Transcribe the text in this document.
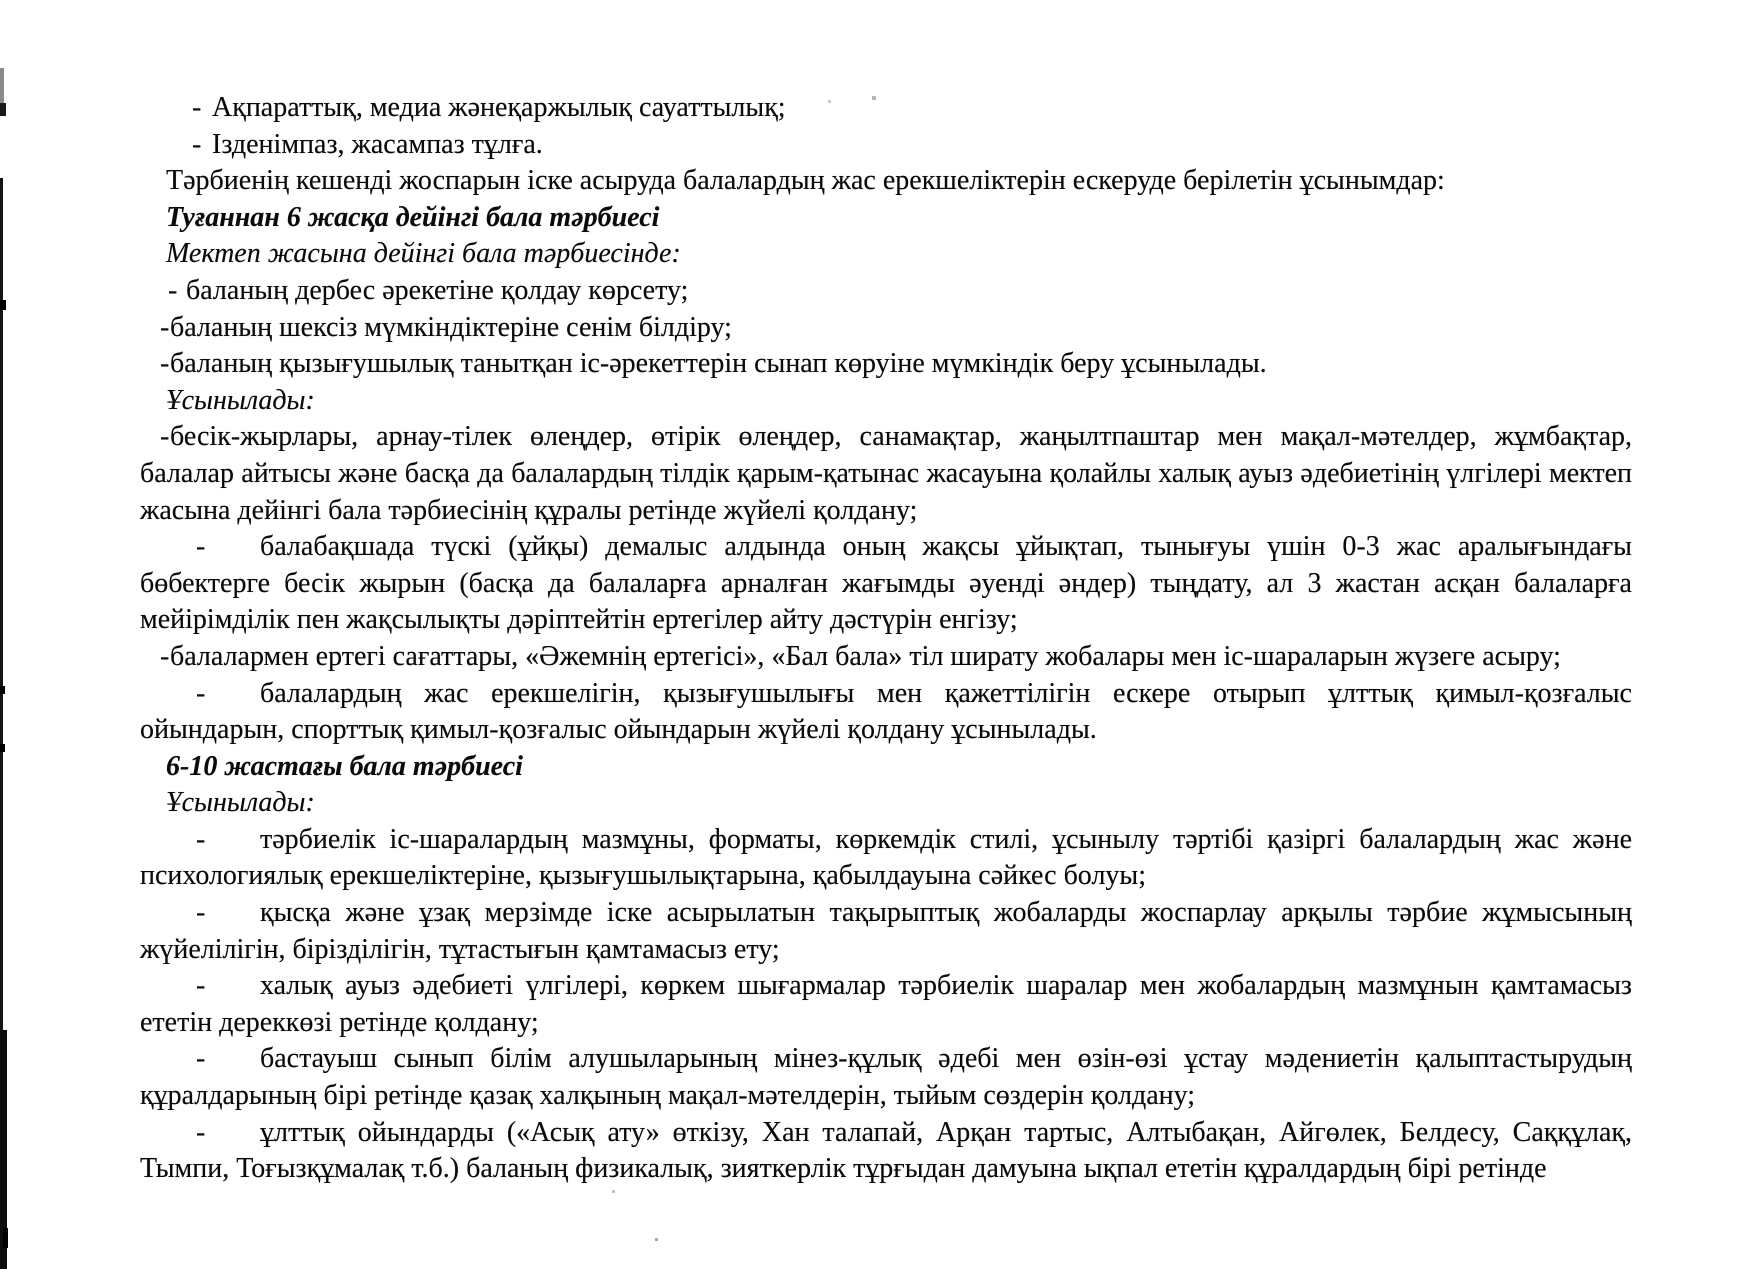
- Ақпараттық, медиа жәнеқаржылық сауаттылық;

- Ізденімпаз, жасампаз тұлға.

Тәрбиенің кешенді жоспарын іске асыруда балалардың жас ерекшеліктерін ескеруде берілетін ұсынымдар:

Туғаннан 6 жасқа дейінгі бала тәрбиесі

Мектеп жасына дейінгі бала тәрбиесінде:

- баланың дербес әрекетіне қолдау көрсету;

-баланың шексіз мүмкіндіктеріне сенім білдіру;

-баланың қызығушылық танытқан іс-әрекеттерін сынап көруіне мүмкіндік беру ұсынылады.

Ұсынылады:

-бесік-жырлары, арнау-тілек өлеңдер, өтірік өлеңдер, санамақтар, жаңылтпаштар мен мақал-мәтелдер, жұмбақтар, балалар айтысы және басқа да балалардың тілдік қарым-қатынас жасауына қолайлы халық ауыз әдебиетінің үлгілері мектеп жасына дейінгі бала тәрбиесінің құралы ретінде жүйелі қолдану;

- балабақшада түскі (ұйқы) демалыс алдында оның жақсы ұйықтап, тынығуы үшін 0-3 жас аралығындағы бөбектерге бесік жырын (басқа да балаларға арналған жағымды әуенді әндер) тыңдату, ал 3 жастан асқан балаларға мейірімділік пен жақсылықты дәріптейтін ертегілер айту дәстүрін енгізу;

-балалармен ертегі сағаттары, «Әжемнің ертегісі», «Бал бала» тіл ширату жобалары мен іс-шараларын жүзеге асыру;

- балалардың жас ерекшелігін, қызығушылығы мен қажеттілігін ескере отырып ұлттық қимыл-қозғалыс ойындарын, спорттық қимыл-қозғалыс ойындарын жүйелі қолдану ұсынылады.

6-10 жастағы бала тәрбиесі

Ұсынылады:

- тәрбиелік іс-шаралардың мазмұны, форматы, көркемдік стилі, ұсынылу тәртібі қазіргі балалардың жас және психологиялық ерекшеліктеріне, қызығушылықтарына, қабылдауына сәйкес болуы;

- қысқа және ұзақ мерзімде іске асырылатын тақырыптық жобаларды жоспарлау арқылы тәрбие жұмысының жүйелілігін, бірізділігін, тұтастығын қамтамасыз ету;

- халық ауыз әдебиеті үлгілері, көркем шығармалар тәрбиелік шаралар мен жобалардың мазмұнын қамтамасыз ететін дереккөзі ретінде қолдану;

- бастауыш сынып білім алушыларының мінез-құлық әдебі мен өзін-өзі ұстау мәдениетін қалыптастырудың құралдарының бірі ретінде қазақ халқының мақал-мәтелдерін, тыйым сөздерін қолдану;

- ұлттық ойындарды («Асық ату» өткізу, Хан талапай, Арқан тартыс, Алтыбақан, Айгөлек, Белдесу, Саққұлақ, Тымпи, Тоғызқұмалақ т.б.) баланың физикалық, зияткерлік тұрғыдан дамуына ықпал ететін құралдардың бірі ретінде
